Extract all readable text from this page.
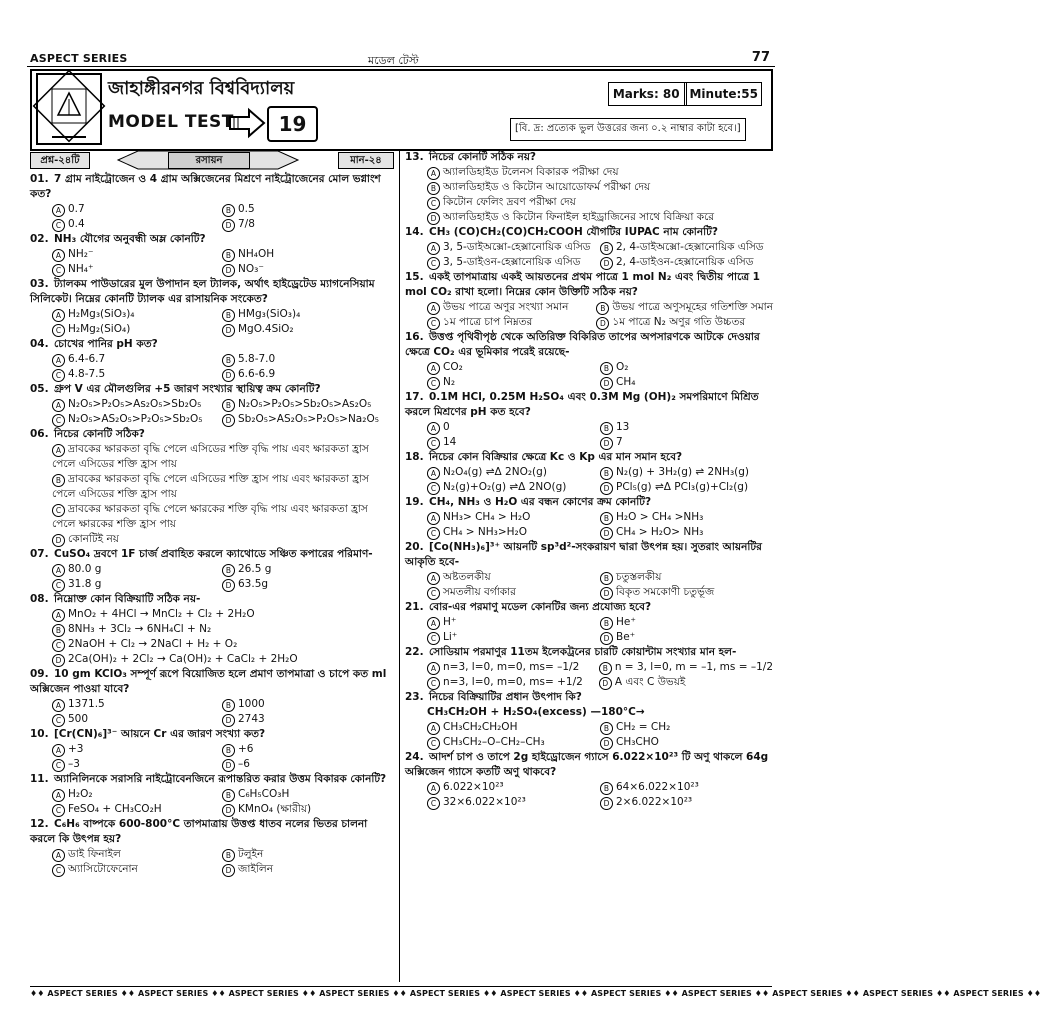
ASPECT SERIES	মডেল টেস্ট	77
জাহাঙ্গীরনগর বিশ্ববিদ্যালয়
MODEL TEST	19
Marks: 80 Minute:55
[বি. দ্র: প্রত্যেক ভুল উত্তরের জন্য ০.২ নাম্বার কাটা হবে।]
প্রশ্ন-২৪টি	রসায়ন	মান-২৪
01. 7 গ্রাম নাইট্রোজেন ও 4 গ্রাম অক্সিজেনের মিশ্রণে নাইট্রোজেনের মোল ভগ্নাংশ কত?
A 0.7	B 0.5
C 0.4	D 7/8
02. NH₃ যৌগের অনুবন্ধী অম্ল কোনটি?
A NH₂⁻	B NH₄OH
C NH₄⁺	D NO₃⁻
03. ট্যালকম পাউডারের মুল উপাদান হল ট্যালক, অর্থাৎ হাইড্রেটেড ম্যাগনেসিয়াম সিলিকেট। নিম্নের কোনটি ট্যালক এর রাসায়নিক সংকেত?
A H₂Mg₃(SiO₃)₄	B HMg₃(SiO₃)₄
C H₂Mg₂(SiO₄)	D MgO.4SiO₂
04. চোখের পানির pH কত?
A 6.4-6.7	B 5.8-7.0
C 4.8-7.5	D 6.6-6.9
05. গ্রুপ V এর মৌলগুলির +5 জারণ সংখ্যার স্থায়িত্ব ক্রম কোনটি?
A N₂O₅>P₂O₅>As₂O₅>Sb₂O₅	B N₂O₅>P₂O₅>Sb₂O₅>As₂O₅
C N₂O₅>AS₂O₅>P₂O₅>Sb₂O₅	D Sb₂O₅>AS₂O₅>P₂O₅>Na₂O₅
06. নিচের কোনটি সঠিক?
A দ্রাবকের ক্ষারকতা বৃদ্ধি পেলে এসিডের শক্তি বৃদ্ধি পায় এবং ক্ষারকতা হ্রাস পেলে এসিডের শক্তি হ্রাস পায়
B দ্রাবকের ক্ষারকতা বৃদ্ধি পেলে এসিডের শক্তি হ্রাস পায় এবং ক্ষারকতা হ্রাস পেলে এসিডের শক্তি হ্রাস পায়
C দ্রাবকের ক্ষারকতা বৃদ্ধি পেলে ক্ষারকের শক্তি বৃদ্ধি পায় এবং ক্ষারকতা হ্রাস পেলে ক্ষারকের শক্তি হ্রাস পায়
D কোনটিই নয়
07. CuSO₄ দ্রবণে 1F চার্জ প্রবাহিত করলে ক্যাথোডে সঞ্চিত কপারের পরিমাণ-
A 80.0 g	B 26.5 g
C 31.8 g	D 63.5g
08. নিম্নোক্ত কোন বিক্রিয়াটি সঠিক নয়-
A MnO₂ + 4HCl → MnCl₂ + Cl₂ + 2H₂O
B 8NH₃ + 3Cl₂ → 6NH₄Cl + N₂
C 2NaOH + Cl₂ → 2NaCl + H₂ + O₂
D 2Ca(OH)₂ + 2Cl₂ → Ca(OH)₂ + CaCl₂ + 2H₂O
09. 10 gm KClO₃ সম্পূর্ণ রূপে বিয়োজিত হলে প্রমাণ তাপমাত্রা ও চাপে কত ml অক্সিজেন পাওয়া যাবে?
A 1371.5	B 1000
C 500	D 2743
10. [Cr(CN)₆]³⁻ আয়নে Cr এর জারণ সংখ্যা কত?
A +3	B +6
C –3	D –6
11. অ্যানিলিনকে সরাসরি নাইট্রোবেনজিনে রূপান্তরিত করার উত্তম বিকারক কোনটি?
A H₂O₂	B C₆H₅CO₃H
C FeSO₄ + CH₃CO₂H	D KMnO₄ (ক্ষারীয়)
12. C₆H₆ বাষ্পকে 600-800°C তাপমাত্রায় উত্তপ্ত ধাতব নলের ভিতর চালনা করলে কি উৎপন্ন হয়?
A ডাই ফিনাইল	B টলুইন
C অ্যাসিটোফেনোন	D জাইলিন
13. নিচের কোনটি সঠিক নয়?
A অ্যালডিহাইড টলেনস বিকারক পরীক্ষা দেয়
B অ্যালডিহাইড ও কিটোন আয়োডোফর্ম পরীক্ষা দেয়
C কিটোন ফেলিং দ্রবণ পরীক্ষা দেয়
D অ্যালডিহাইড ও কিটোন ফিনাইল হাইড্রাজিনের সাথে বিক্রিয়া করে
14. CH₃ (CO)CH₂(CO)CH₂COOH যৌগটির IUPAC নাম কোনটি?
A 3, 5-ডাইঅক্সো-হেক্সানোয়িক এসিড	B 2, 4-ডাইঅক্সো-হেক্সানোয়িক এসিড
C 3, 5-ডাইওন-হেক্সানোয়িক এসিড	D 2, 4-ডাইওন-হেক্সানোয়িক এসিড
15. একই তাপমাত্রায় একই আয়তনের প্রথম পাত্রে 1 mol N₂ এবং দ্বিতীয় পাত্রে 1 mol CO₂ রাখা হলো। নিম্নের কোন উক্তিটি সঠিক নয়?
A উভয় পাত্রে অণুর সংখ্যা সমান	B উভয় পাত্রে অণুসমূহের গতিশক্তি সমান
C ১ম পাত্রে চাপ নিম্নতর	D ১ম পাত্রে N₂ অণুর গতি উচ্চতর
16. উত্তপ্ত পৃথিবীপৃষ্ঠ থেকে অতিরিক্ত বিকিরিত তাপের অপসারণকে আটকে দেওয়ার ক্ষেত্রে CO₂ এর ভূমিকার পরেই রয়েছে-
A CO₂	B O₂
C N₂	D CH₄
17. 0.1M HCl, 0.25M H₂SO₄ এবং 0.3M Mg (OH)₂ সমপরিমাণে মিশ্রিত করলে মিশ্রণের pH কত হবে?
A 0	B 13
C 14	D 7
18. নিচের কোন বিক্রিয়ার ক্ষেত্রে Kc ও Kp এর মান সমান হবে?
A N₂O₄(g) ⇌Δ 2NO₂(g)	B N₂(g) + 3H₂(g) ⇌ 2NH₃(g)
C N₂(g)+O₂(g) ⇌Δ 2NO(g)	D PCl₅(g) ⇌Δ PCl₃(g)+Cl₂(g)
19. CH₄, NH₃ ও H₂O এর বন্ধন কোণের ক্রম কোনটি?
A NH₃> CH₄ > H₂O	B H₂O > CH₄ >NH₃
C CH₄ > NH₃>H₂O	D CH₄ > H₂O> NH₃
20. [Co(NH₃)₆]³⁺ আয়নটি sp³d²-সংকরায়ণ দ্বারা উৎপন্ন হয়। সুতরাং আয়নটির আকৃতি হবে-
A অষ্টতলকীয়	B চতুস্তলকীয়
C সমতলীয় বর্গাকার	D বিকৃত সমকোণী চতুর্ভূজ
21. বোর-এর পরমাণু মডেল কোনটির জন্য প্রযোজ্য হবে?
A H⁺	B He⁺
C Li⁺	D Be⁺
22. সোডিয়াম পরমাণুর 11তম ইলেকট্রনের চারটি কোয়ান্টাম সংখ্যার মান হল-
A n=3, l=0, m=0, ms= –1/2	B n = 3, l=0, m = –1, ms = –1/2
C n=3, l=0, m=0, ms= +1/2	D A এবং C উভয়ই
23. নিচের বিক্রিয়াটির প্রধান উৎপাদ কি?
CH₃CH₂OH + H₂SO₄(excess) —180°C→
A CH₃CH₂CH₂OH	B CH₂ = CH₂
C CH₃CH₂–O–CH₂–CH₃	D CH₃CHO
24. আদর্শ চাপ ও তাপে 2g হাইড্রোজেন গ্যাসে 6.022×10²³ টি অণু থাকলে 64g অক্সিজেন গ্যাসে কতটি অণু থাকবে?
A 6.022×10²³	B 64×6.022×10²³
C 32×6.022×10²³	D 2×6.022×10²³
♦♦ ASPECT SERIES ♦♦ ASPECT SERIES ♦♦ ASPECT SERIES ♦♦ ASPECT SERIES ♦♦ ASPECT SERIES ♦♦ ASPECT SERIES ♦♦ ASPECT SERIES ♦♦ ASPECT SERIES ♦♦ ASPECT SERIES ♦♦ ASPECT SERIES ♦♦ ASPECT SERIES ♦♦
